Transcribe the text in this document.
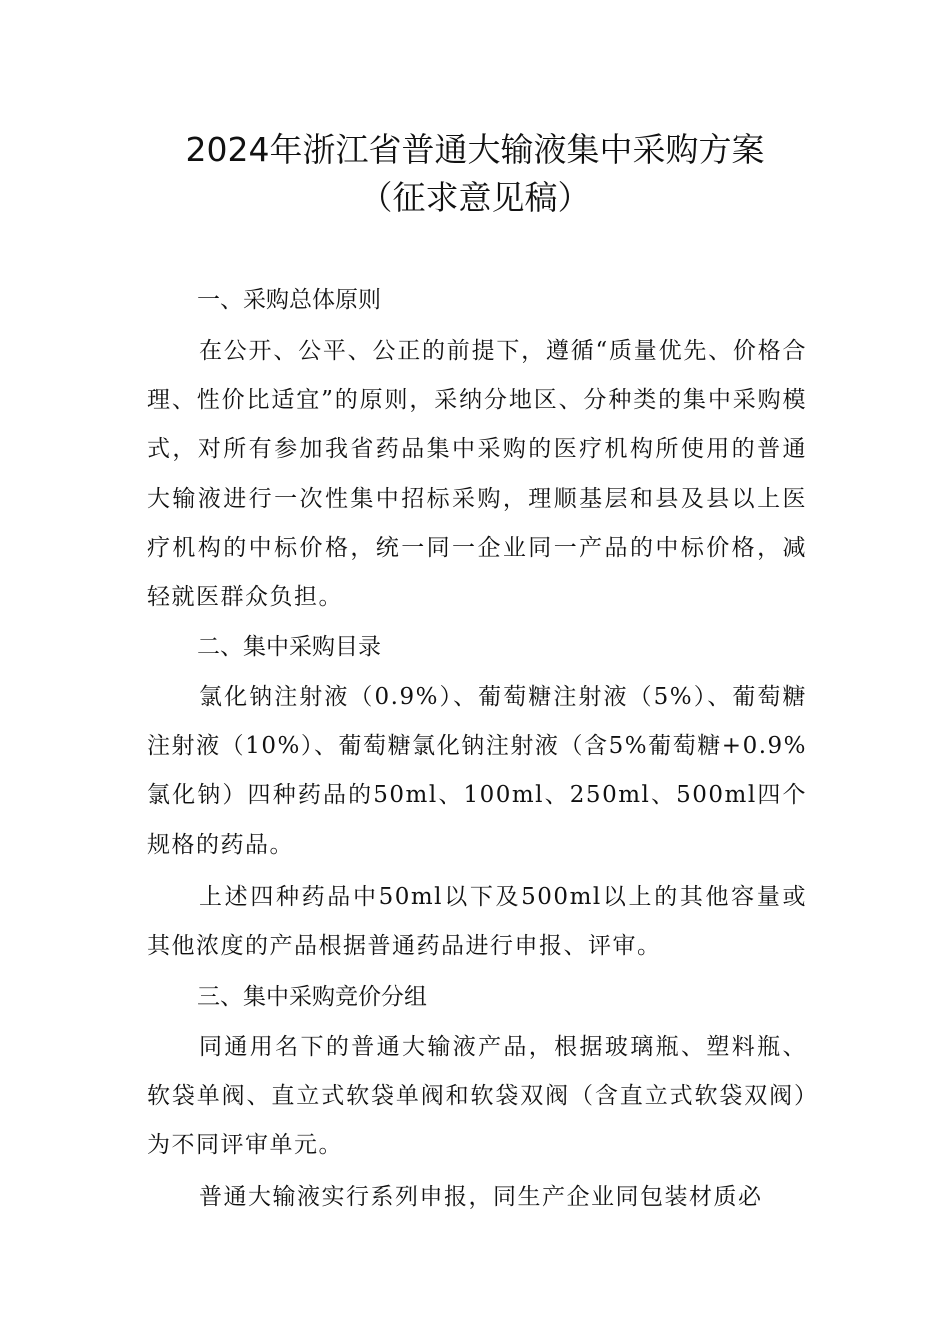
2024年浙江省普通大输液集中采购方案
（征求意见稿）
一、采购总体原则

在公开、公平、公正的前提下，遵循“质量优先、价格合理、性价比适宜”的原则，采纳分地区、分种类的集中采购模式，对所有参加我省药品集中采购的医疗机构所使用的普通大输液进行一次性集中招标采购，理顺基层和县及县以上医疗机构的中标价格，统一同一企业同一产品的中标价格，减轻就医群众负担。

二、集中采购目录

氯化钠注射液（0.9%）、葡萄糖注射液（5%）、葡萄糖注射液（10%）、葡萄糖氯化钠注射液（含5%葡萄糖+0.9%氯化钠）四种药品的50ml、100ml、250ml、500ml四个规格的药品。

上述四种药品中50ml以下及500ml以上的其他容量或其他浓度的产品根据普通药品进行申报、评审。

三、集中采购竞价分组

同通用名下的普通大输液产品，根据玻璃瓶、塑料瓶、软袋单阀、直立式软袋单阀和软袋双阀（含直立式软袋双阀）为不同评审单元。

普通大输液实行系列申报，同生产企业同包装材质必
